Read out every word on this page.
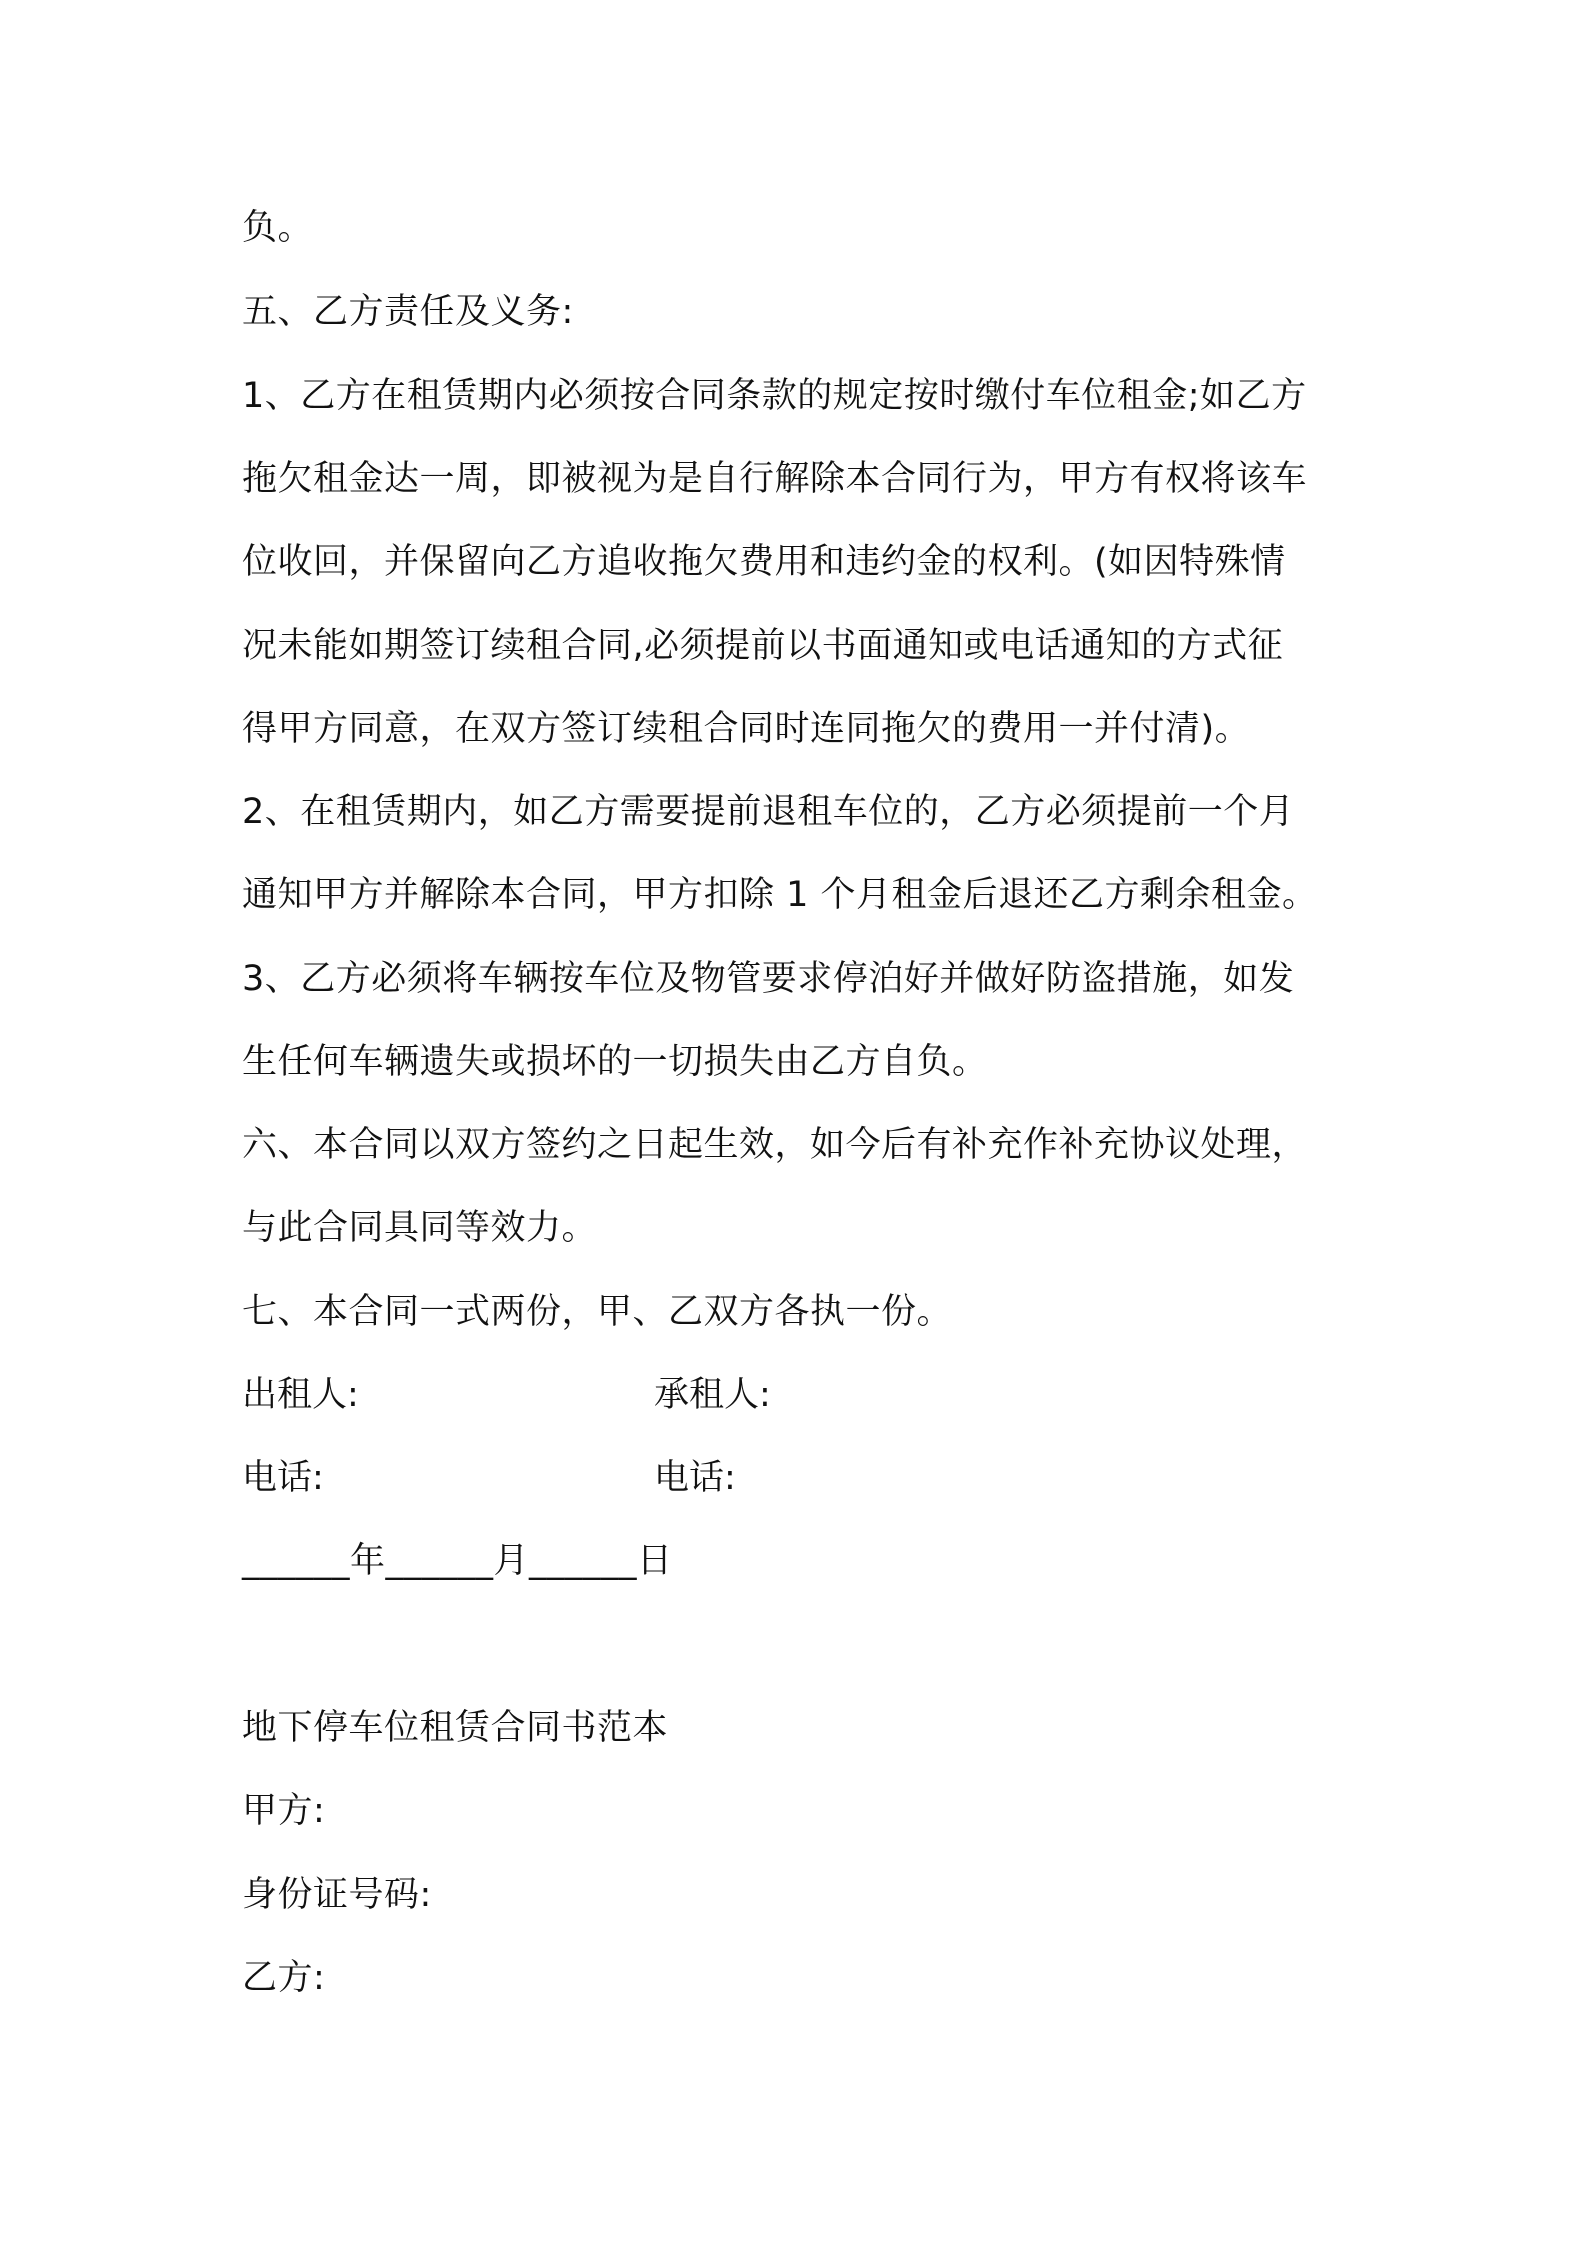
负。
五、乙方责任及义务:
1、乙方在租赁期内必须按合同条款的规定按时缴付车位租金;如乙方
拖欠租金达一周，即被视为是自行解除本合同行为，甲方有权将该车
位收回，并保留向乙方追收拖欠费用和违约金的权利。(如因特殊情
况未能如期签订续租合同,必须提前以书面通知或电话通知的方式征
得甲方同意，在双方签订续租合同时连同拖欠的费用一并付清)。
2、在租赁期内，如乙方需要提前退租车位的，乙方必须提前一个月
通知甲方并解除本合同，甲方扣除 1 个月租金后退还乙方剩余租金。
3、乙方必须将车辆按车位及物管要求停泊好并做好防盗措施，如发
生任何车辆遗失或损坏的一切损失由乙方自负。
六、本合同以双方签约之日起生效，如今后有补充作补充协议处理，
与此合同具同等效力。
七、本合同一式两份，甲、乙双方各执一份。
出租人:	承租人:
电话:	电话:
______年______月______日
地下停车位租赁合同书范本
甲方:
身份证号码:
乙方:
